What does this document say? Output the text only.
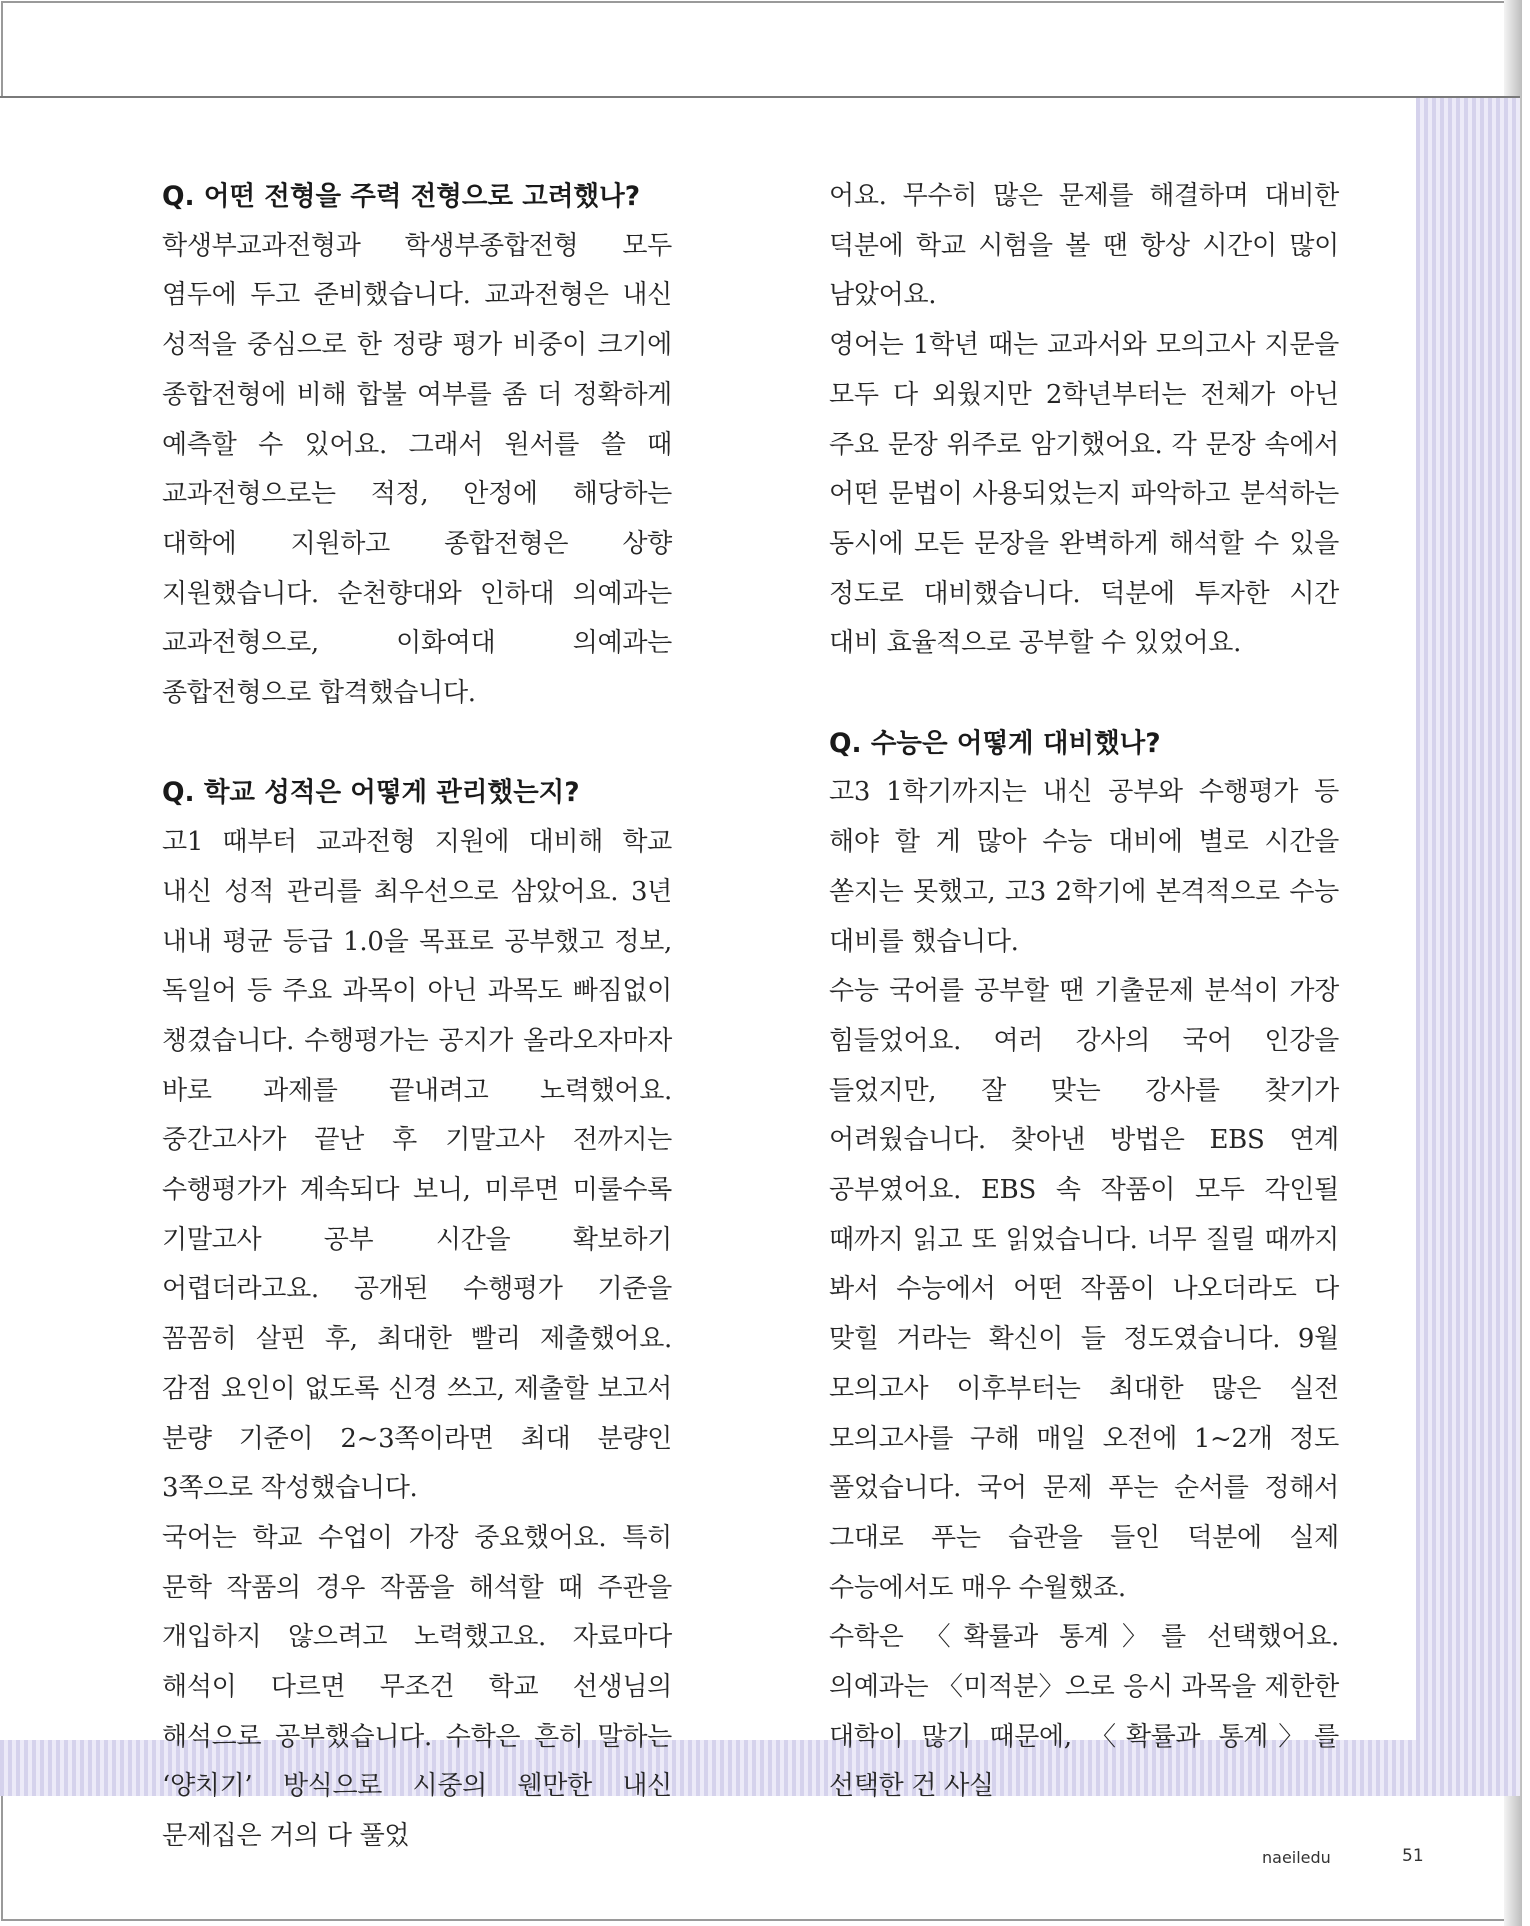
Q. 어떤 전형을 주력 전형으로 고려했나?

학생부교과전형과 학생부종합전형 모두 염두에 두고 준비했습니다. 교과전형은 내신 성적을 중심으로 한 정량 평가 비중이 크기에 종합전형에 비해 합불 여부를 좀 더 정확하게 예측할 수 있어요. 그래서 원서를 쓸 때 교과전형으로는 적정, 안정에 해당하는 대학에 지원하고 종합전형은 상향 지원했습니다. 순천향대와 인하대 의예과는 교과전형으로, 이화여대 의예과는 종합전형으로 합격했습니다.

Q. 학교 성적은 어떻게 관리했는지?

고1 때부터 교과전형 지원에 대비해 학교 내신 성적 관리를 최우선으로 삼았어요. 3년 내내 평균 등급 1.0을 목표로 공부했고 정보, 독일어 등 주요 과목이 아닌 과목도 빠짐없이 챙겼습니다. 수행평가는 공지가 올라오자마자 바로 과제를 끝내려고 노력했어요. 중간고사가 끝난 후 기말고사 전까지는 수행평가가 계속되다 보니, 미루면 미룰수록 기말고사 공부 시간을 확보하기 어렵더라고요. 공개된 수행평가 기준을 꼼꼼히 살핀 후, 최대한 빨리 제출했어요. 감점 요인이 없도록 신경 쓰고, 제출할 보고서 분량 기준이 2~3쪽이라면 최대 분량인 3쪽으로 작성했습니다.

국어는 학교 수업이 가장 중요했어요. 특히 문학 작품의 경우 작품을 해석할 때 주관을 개입하지 않으려고 노력했고요. 자료마다 해석이 다르면 무조건 학교 선생님의 해석으로 공부했습니다. 수학은 흔히 말하는 ‘양치기’ 방식으로 시중의 웬만한 내신 문제집은 거의 다 풀었

어요. 무수히 많은 문제를 해결하며 대비한 덕분에 학교 시험을 볼 땐 항상 시간이 많이 남았어요.

영어는 1학년 때는 교과서와 모의고사 지문을 모두 다 외웠지만 2학년부터는 전체가 아닌 주요 문장 위주로 암기했어요. 각 문장 속에서 어떤 문법이 사용되었는지 파악하고 분석하는 동시에 모든 문장을 완벽하게 해석할 수 있을 정도로 대비했습니다. 덕분에 투자한 시간 대비 효율적으로 공부할 수 있었어요.

Q. 수능은 어떻게 대비했나?

고3 1학기까지는 내신 공부와 수행평가 등 해야 할 게 많아 수능 대비에 별로 시간을 쏟지는 못했고, 고3 2학기에 본격적으로 수능 대비를 했습니다.

수능 국어를 공부할 땐 기출문제 분석이 가장 힘들었어요. 여러 강사의 국어 인강을 들었지만, 잘 맞는 강사를 찾기가 어려웠습니다. 찾아낸 방법은 EBS 연계 공부였어요. EBS 속 작품이 모두 각인될 때까지 읽고 또 읽었습니다. 너무 질릴 때까지 봐서 수능에서 어떤 작품이 나오더라도 다 맞힐 거라는 확신이 들 정도였습니다. 9월 모의고사 이후부터는 최대한 많은 실전 모의고사를 구해 매일 오전에 1~2개 정도 풀었습니다. 국어 문제 푸는 순서를 정해서 그대로 푸는 습관을 들인 덕분에 실제 수능에서도 매우 수월했죠.

수학은 〈확률과 통계〉를 선택했어요. 의예과는 〈미적분〉으로 응시 과목을 제한한 대학이 많기 때문에, 〈확률과 통계〉를 선택한 건 사실

naeiledu	51
